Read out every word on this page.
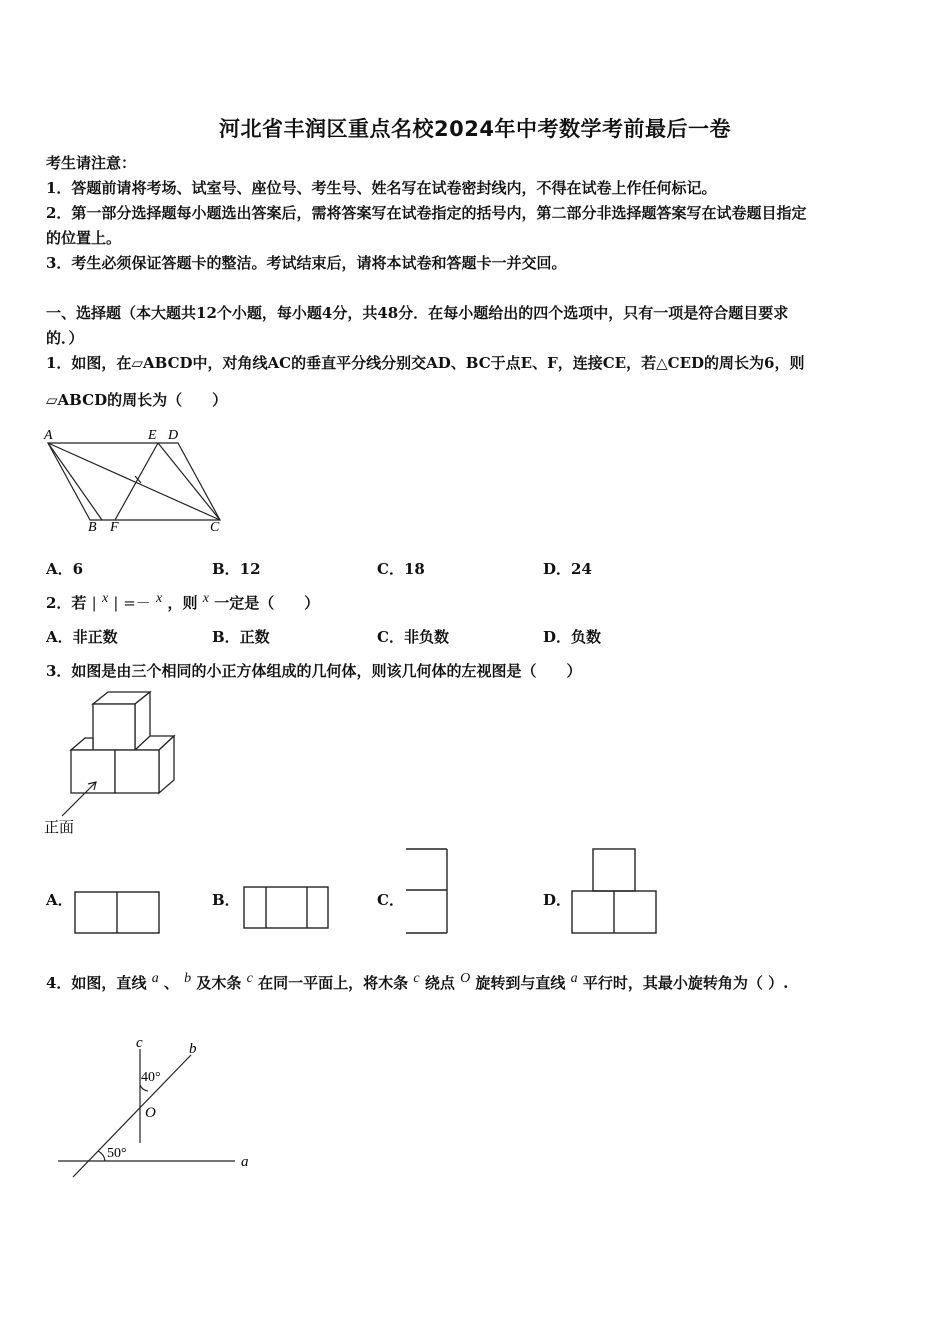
河北省丰润区重点名校2024年中考数学考前最后一卷
考生请注意：
1．答题前请将考场、试室号、座位号、考生号、姓名写在试卷密封线内，不得在试卷上作任何标记。
2．第一部分选择题每小题选出答案后，需将答案写在试卷指定的括号内，第二部分非选择题答案写在试卷题目指定
的位置上。
3．考生必须保证答题卡的整洁。考试结束后，请将本试卷和答题卡一并交回。
一、选择题（本大题共12个小题，每小题4分，共48分．在每小题给出的四个选项中，只有一项是符合题目要求
的．）
1．如图，在▱ABCD中，对角线AC的垂直平分线分别交AD、BC于点E、F，连接CE，若△CED的周长为6，则
▱ABCD的周长为（　　）
A	E D
B F	C
A．6	B．12	C．18	D．24
2．若 | x | =－ x ，则 x 一定是（　　）
A．非正数	B．正数	C．非负数	D．负数
3．如图是由三个相同的小正方体组成的几何体，则该几何体的左视图是（　　）
正面
A．	B．	C．	D．
4．如图，直线 a 、 b 及木条 c 在同一平面上，将木条 c 绕点 O 旋转到与直线 a 平行时，其最小旋转角为（ ）.
c	b
40°
O
50°
a
